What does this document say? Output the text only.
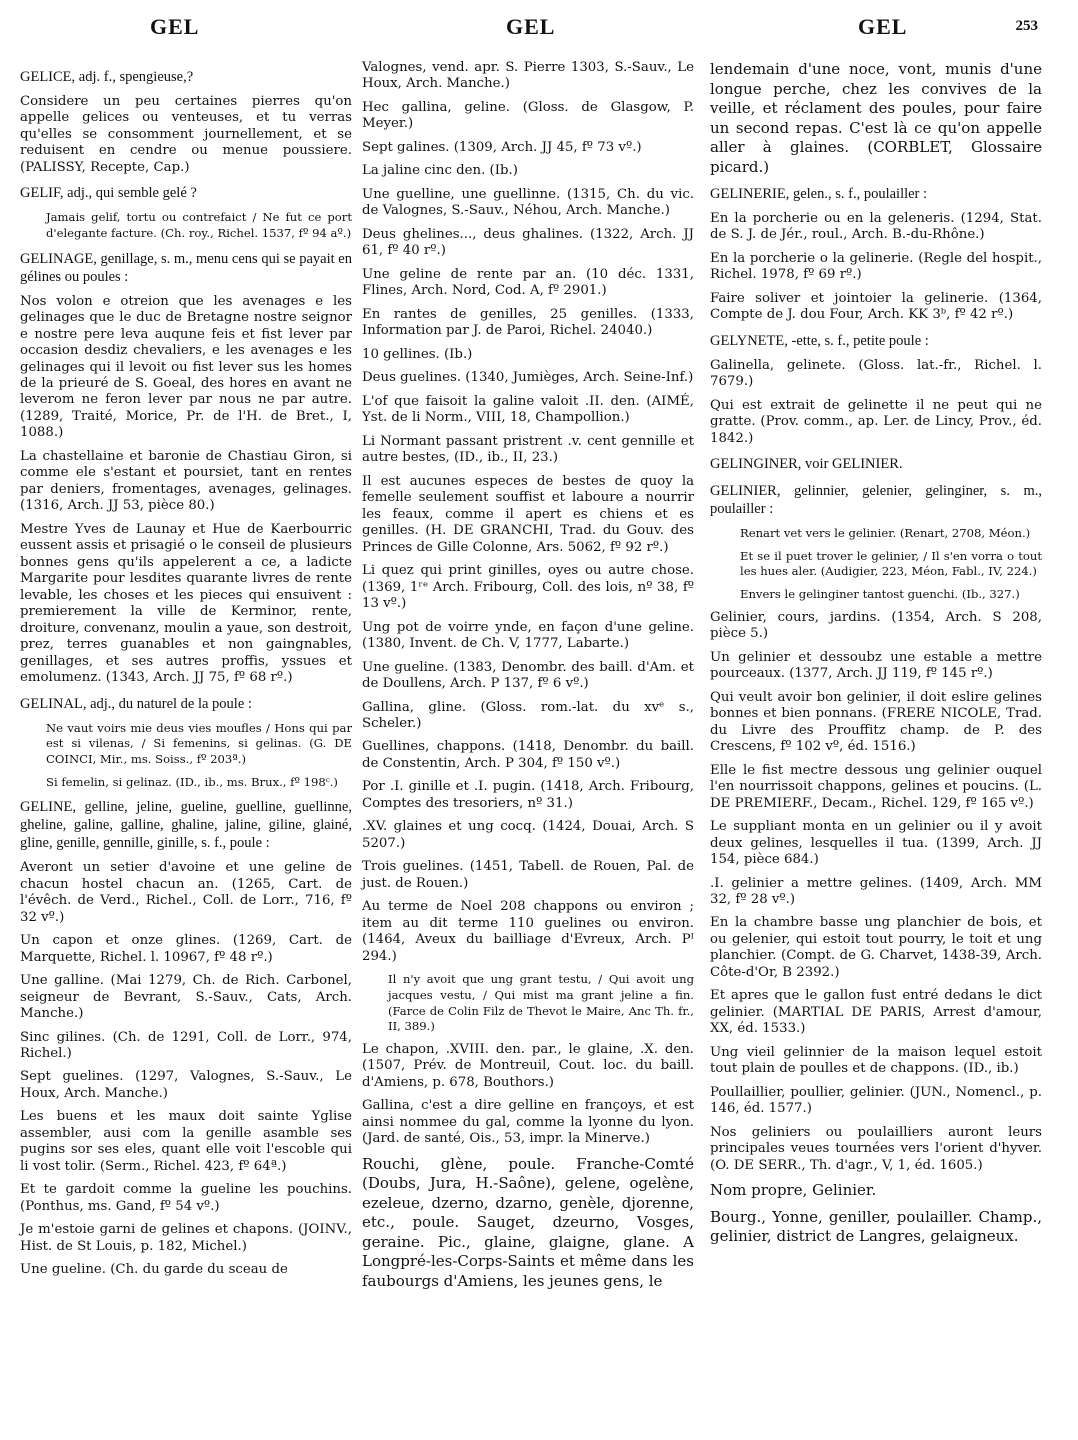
GEL	GEL	GEL	253

GELICE, adj. f., spengieuse,?

Considere un peu certaines pierres qu'on appelle gelices ou venteuses, et tu verras qu'elles se consomment journellement, et se reduisent en cendre ou menue poussiere. (PALISSY, Recepte, Cap.)

GELIF, adj., qui semble gelé ?

Jamais gelif, tortu ou contrefaict / Ne fut ce port d'elegante facture. (Ch. roy., Richel. 1537, fº 94 aº.)

GELINAGE, genillage, s. m., menu cens qui se payait en gélines ou poules :

Nos volon e otreion que les avenages e les gelinages que le duc de Bretagne nostre seignor e nostre pere leva auqune feis et fist lever par occasion desdiz chevaliers, e les avenages e les gelinages qui il levoit ou fist lever sus les homes de la prieuré de S. Goeal, des hores en avant ne leverom ne feron lever par nous ne par autre. (1289, Traité, Morice, Pr. de l'H. de Bret., I, 1088.)

La chastellaine et baronie de Chastiau Giron, si comme ele s'estant et poursiet, tant en rentes par deniers, fromentages, avenages, gelinages. (1316, Arch. JJ 53, pièce 80.)

Mestre Yves de Launay et Hue de Kaerbourric eussent assis et prisagié o le conseil de plusieurs bonnes gens qu'ils appelerent a ce, a ladicte Margarite pour lesdites quarante livres de rente levable, les choses et les pieces qui ensuivent : premierement la ville de Kerminor, rente, droiture, convenanz, moulin a yaue, son destroit, prez, terres guanables et non gaingnables, genillages, et ses autres proffis, yssues et emolumenz. (1343, Arch. JJ 75, fº 68 rº.)

GELINAL, adj., du naturel de la poule :

Ne vaut voirs mie deus vies moufles / Hons qui par est si vilenas, / Si femenins, si gelinas. (G. DE COINCI, Mir., ms. Soiss., fº 203ª.)

Si femelin, si gelinaz. (ID., ib., ms. Brux., fº 198ᶜ.)

GELINE, gelline, jeline, gueline, guelline, guellinne, gheline, galine, galline, ghaline, jaline, giline, glainé, gline, genille, gennille, ginille, s. f., poule :

Averont un setier d'avoine et une geline de chacun hostel chacun an. (1265, Cart. de l'évêch. de Verd., Richel., Coll. de Lorr., 716, fº 32 vº.)

Un capon et onze glines. (1269, Cart. de Marquette, Richel. l. 10967, fº 48 rº.)

Une galline. (Mai 1279, Ch. de Rich. Carbonel, seigneur de Bevrant, S.-Sauv., Cats, Arch. Manche.)

Sinc gilines. (Ch. de 1291, Coll. de Lorr., 974, Richel.)

Sept guelines. (1297, Valognes, S.-Sauv., Le Houx, Arch. Manche.)

Les buens et les maux doit sainte Yglise assembler, ausi com la genille asamble ses pugins sor ses eles, quant elle voit l'escoble qui li vost tolir. (Serm., Richel. 423, fº 64ª.)

Et te gardoit comme la gueline les pouchins. (Ponthus, ms. Gand, fº 54 vº.)

Je m'estoie garni de gelines et chapons. (JOINV., Hist. de St Louis, p. 182, Michel.)

Une gueline. (Ch. du garde du sceau de

Valognes, vend. apr. S. Pierre 1303, S.-Sauv., Le Houx, Arch. Manche.)

Hec gallina, geline. (Gloss. de Glasgow, P. Meyer.)

Sept galines. (1309, Arch. JJ 45, fº 73 vº.)

La jaline cinc den. (Ib.)

Une guelline, une guellinne. (1315, Ch. du vic. de Valognes, S.-Sauv., Néhou, Arch. Manche.)

Deus ghelines..., deus ghalines. (1322, Arch. JJ 61, fº 40 rº.)

Une geline de rente par an. (10 déc. 1331, Flines, Arch. Nord, Cod. A, fº 2901.)

En rantes de genilles, 25 genilles. (1333, Information par J. de Paroi, Richel. 24040.)

10 gellines. (Ib.)

Deus guelines. (1340, Jumièges, Arch. Seine-Inf.)

L'of que faisoit la galine valoit .II. den. (AIMÉ, Yst. de li Norm., VIII, 18, Champollion.)

Li Normant passant pristrent .v. cent gennille et autre bestes, (ID., ib., II, 23.)

Il est aucunes especes de bestes de quoy la femelle seulement souffist et laboure a nourrir les feaux, comme il apert es chiens et es genilles. (H. DE GRANCHI, Trad. du Gouv. des Princes de Gille Colonne, Ars. 5062, fº 92 rº.)

Li quez qui print ginilles, oyes ou autre chose. (1369, 1ʳᵉ Arch. Fribourg, Coll. des lois, nº 38, fº 13 vº.)

Ung pot de voirre ynde, en façon d'une geline. (1380, Invent. de Ch. V, 1777, Labarte.)

Une gueline. (1383, Denombr. des baill. d'Am. et de Doullens, Arch. P 137, fº 6 vº.)

Gallina, gline. (Gloss. rom.-lat. du xvᵉ s., Scheler.)

Guellines, chappons. (1418, Denombr. du baill. de Constentin, Arch. P 304, fº 150 vº.)

Por .I. ginille et .I. pugin. (1418, Arch. Fribourg, Comptes des tresoriers, nº 31.)

.XV. glaines et ung cocq. (1424, Douai, Arch. S 5207.)

Trois guelines. (1451, Tabell. de Rouen, Pal. de just. de Rouen.)

Au terme de Noel 208 chappons ou environ ; item au dit terme 110 guelines ou environ. (1464, Aveux du bailliage d'Evreux, Arch. Pᴵ 294.)

Il n'y avoit que ung grant testu, / Qui avoit ung jacques vestu, / Qui mist ma grant jeline a fin. (Farce de Colin Filz de Thevot le Maire, Anc Th. fr., II, 389.)

Le chapon, .XVIII. den. par., le glaine, .X. den. (1507, Prév. de Montreuil, Cout. loc. du baill. d'Amiens, p. 678, Bouthors.)

Gallina, c'est a dire gelline en françoys, et est ainsi nommee du gal, comme la lyonne du lyon. (Jard. de santé, Ois., 53, impr. la Minerve.)

Rouchi, glène, poule. Franche-Comté (Doubs, Jura, H.-Saône), gelene, ogelène, ezeleue, dzerno, dzarno, genèle, djorenne, etc., poule. Sauget, dzeurno, Vosges, geraine. Pic., glaine, glaigne, glane. A Longpré-les-Corps-Saints et même dans les faubourgs d'Amiens, les jeunes gens, le

lendemain d'une noce, vont, munis d'une longue perche, chez les convives de la veille, et réclament des poules, pour faire un second repas. C'est là ce qu'on appelle aller à glaines. (CORBLET, Glossaire picard.)

GELINERIE, gelen., s. f., poulailler :

En la porcherie ou en la geleneris. (1294, Stat. de S. J. de Jér., roul., Arch. B.-du-Rhône.)

En la porcherie o la gelinerie. (Regle del hospit., Richel. 1978, fº 69 rº.)

Faire soliver et jointoier la gelinerie. (1364, Compte de J. dou Four, Arch. KK 3ᵇ, fº 42 rº.)

GELYNETE, -ette, s. f., petite poule :

Galinella, gelinete. (Gloss. lat.-fr., Richel. l. 7679.)

Qui est extrait de gelinette il ne peut qui ne gratte. (Prov. comm., ap. Ler. de Lincy, Prov., éd. 1842.)

GELINGINER, voir GELINIER.

GELINIER, gelinnier, gelenier, gelinginer, s. m., poulailler :

Renart vet vers le gelinier. (Renart, 2708, Méon.)

Et se il puet trover le gelinier, / Il s'en vorra o tout les hues aler. (Audigier, 223, Méon, Fabl., IV, 224.)

Envers le gelinginer tantost guenchi. (Ib., 327.)

Gelinier, cours, jardins. (1354, Arch. S 208, pièce 5.)

Un gelinier et dessoubz une estable a mettre pourceaux. (1377, Arch. JJ 119, fº 145 rº.)

Qui veult avoir bon gelinier, il doit eslire gelines bonnes et bien ponnans. (FRERE NICOLE, Trad. du Livre des Prouffitz champ. de P. des Crescens, fº 102 vº, éd. 1516.)

Elle le fist mectre dessous ung gelinier ouquel l'en nourrissoit chappons, gelines et poucins. (L. DE PREMIERF., Decam., Richel. 129, fº 165 vº.)

Le suppliant monta en un gelinier ou il y avoit deux gelines, lesquelles il tua. (1399, Arch. JJ 154, pièce 684.)

.I. gelinier a mettre gelines. (1409, Arch. MM 32, fº 28 vº.)

En la chambre basse ung planchier de bois, et ou gelenier, qui estoit tout pourry, le toit et ung planchier. (Compt. de G. Charvet, 1438-39, Arch. Côte-d'Or, B 2392.)

Et apres que le gallon fust entré dedans le dict gelinier. (MARTIAL DE PARIS, Arrest d'amour, XX, éd. 1533.)

Ung vieil gelinnier de la maison lequel estoit tout plain de poulles et de chappons. (ID., ib.)

Poullaillier, poullier, gelinier. (JUN., Nomencl., p. 146, éd. 1577.)

Nos geliniers ou poulailliers auront leurs principales veues tournées vers l'orient d'hyver. (O. DE SERR., Th. d'agr., V, 1, éd. 1605.)

Nom propre, Gelinier.

Bourg., Yonne, geniller, poulailler. Champ., gelinier, district de Langres, gelaigneux.
